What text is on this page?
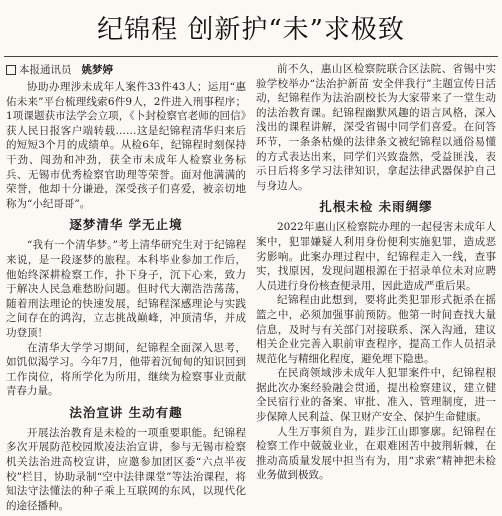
纪锦程 创新护“未”求极致
本报通讯员 姚梦婷

协助办理涉未成年人案件33件43人；运用“惠佑未来”平台梳理线索6件9人，2件进入刑事程序；1项课题获市法学会立项，《卜封检察官老师的回信》获人民日报客户端转载……这是纪锦程清华归来后的短短3个月的成绩单。从检6年，纪锦程时刻保持干劲、闯劲和冲劲，获全市未成年人检察业务标兵、无锡市优秀检察官助理等荣誉。面对他满满的荣誉，他却十分谦逊，深受孩子们喜爱，被亲切地称为“小纪哥哥”。

逐梦清华 学无止境

“我有一个清华梦。”考上清华研究生对于纪锦程来说，是一段逐梦的旅程。本科毕业参加工作后，他始终深耕检察工作，扑下身子，沉下心来，致力于解决人民急难愁盼问题。但时代大潮浩浩荡荡，随着刑法理论的快速发展，纪锦程深感理论与实践之间存在的鸿沟，立志挑战巅峰，冲顶清华，并成功登顶！

在清华大学学习期间，纪锦程全面深入思考，如饥似渴学习。今年7月，他带着沉甸甸的知识回到工作岗位，将所学化为所用，继续为检察事业贡献青春力量。

法治宣讲 生动有趣

开展法治教育是未检的一项重要职能。纪锦程多次开展防范校园欺凌法治宣讲，参与无锡市检察机关法治进高校宣讲，应邀参加团区委“六点半夜校”栏目，协助录制“空中法律课堂”等法治课程，将知法守法懂法的种子乘上互联网的东风，以现代化的途径播种。

前不久，惠山区检察院联合区法院、省锡中实验学校举办“法治护新苗 安全伴我行”主题宣传日活动，纪锦程作为法治副校长为大家带来了一堂生动的法治教育课。纪锦程幽默风趣的语言风格，深入浅出的课程讲解，深受省锡中同学们喜爱。在问答环节，一条条枯燥的法律条文被纪锦程以通俗易懂的方式表达出来，同学们兴致盎然，受益匪浅，表示日后将多学习法律知识，拿起法律武器保护自己与身边人。

扎根未检 未雨绸缪

2022年惠山区检察院办理的一起侵害未成年人案中，犯罪嫌疑人利用身份便利实施犯罪，造成恶劣影响。此案办理过程中，纪锦程走入一线，查事实，找原因，发现问题根源在于招录单位未对应聘人员进行身份核查便录用，因此造成严重后果。

纪锦程由此想到，要将此类犯罪形式扼杀在摇篮之中，必须加强事前预防。他第一时间查找大量信息，及时与有关部门对接联系、深入沟通，建议相关企业完善入职前审查程序，提高工作人员招录规范化与精细化程度，避免埋下隐患。

在民商领域涉未成年人犯罪案件中，纪锦程根据此次办案经验融会贯通，提出检察建议，建立健全民宿行业的备案、审批、准入、管理制度，进一步保障人民利益、保卫财产安全、保护生命健康。

人生万事须自为，跬步江山即寥廓。纪锦程在检察工作中兢兢业业，在艰难困苦中披荆斩棘，在推动高质量发展中担当有为，用“求索”精神把未检业务做到极致。
